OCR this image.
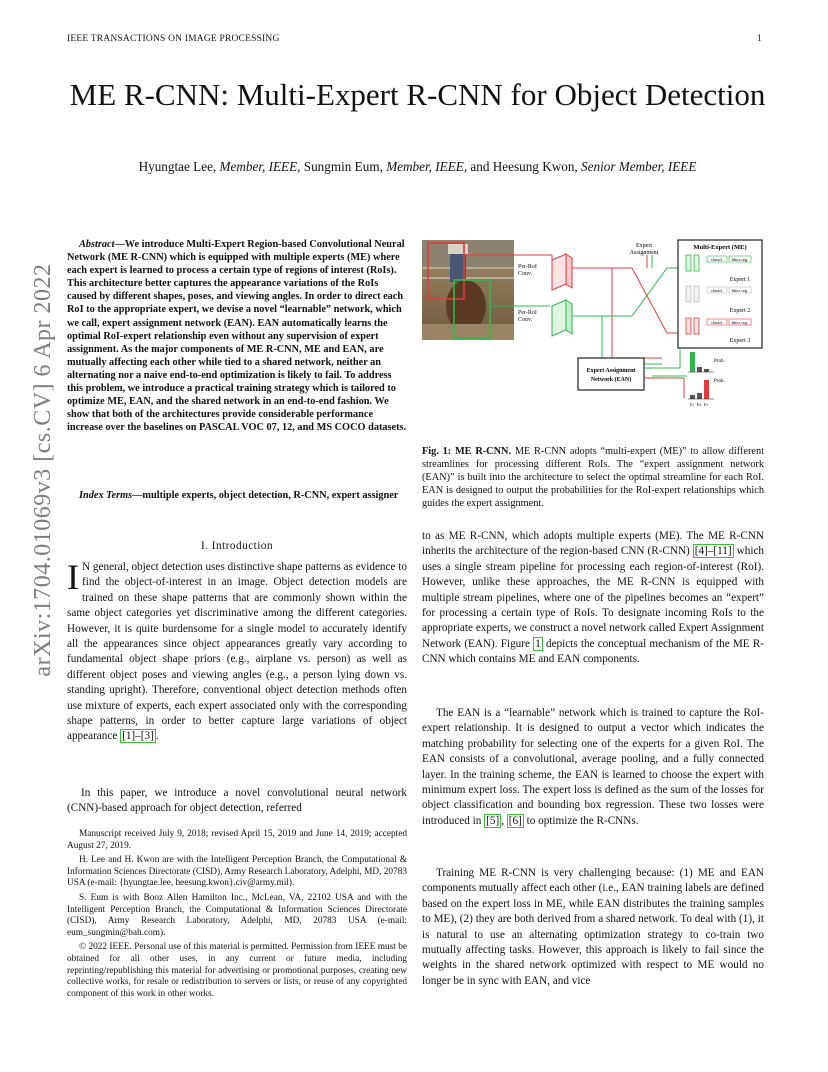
IEEE TRANSACTIONS ON IMAGE PROCESSING	1
ME R-CNN: Multi-Expert R-CNN for Object Detection
Hyungtae Lee, Member, IEEE, Sungmin Eum, Member, IEEE, and Heesung Kwon, Senior Member, IEEE
arXiv:1704.01069v3 [cs.CV] 6 Apr 2022
Abstract—We introduce Multi-Expert Region-based Convolutional Neural Network (ME R-CNN) which is equipped with multiple experts (ME) where each expert is learned to process a certain type of regions of interest (RoIs). This architecture better captures the appearance variations of the RoIs caused by different shapes, poses, and viewing angles. In order to direct each RoI to the appropriate expert, we devise a novel “learnable” network, which we call, expert assignment network (EAN). EAN automatically learns the optimal RoI-expert relationship even without any supervision of expert assignment. As the major components of ME R-CNN, ME and EAN, are mutually affecting each other while tied to a shared network, neither an alternating nor a naive end-to-end optimization is likely to fail. To address this problem, we introduce a practical training strategy which is tailored to optimize ME, EAN, and the shared network in an end-to-end fashion. We show that both of the architectures provide considerable performance increase over the baselines on PASCAL VOC 07, 12, and MS COCO datasets.
Index Terms—multiple experts, object detection, R-CNN, expert assigner
I. Introduction
I N general, object detection uses distinctive shape patterns as evidence to find the object-of-interest in an image. Object detection models are trained on these shape patterns that are commonly shown within the same object categories yet discriminative among the different categories. However, it is quite burdensome for a single model to accurately identify all the appearances since object appearances greatly vary according to fundamental object shape priors (e.g., airplane vs. person) as well as different object poses and viewing angles (e.g., a person lying down vs. standing upright). Therefore, conventional object detection methods often use mixture of experts, each expert associated only with the corresponding shape patterns, in order to better capture large variations of object appearance [1]–[3] .
In this paper, we introduce a novel convolutional neural network (CNN)-based approach for object detection, referred

Manuscript received July 9, 2018; revised April 15, 2019 and June 14, 2019; accepted August 27, 2019.

H. Lee and H. Kwon are with the Intelligent Perception Branch, the Computational & Information Sciences Directorate (CISD), Army Research Laboratory, Adelphi, MD, 20783 USA (e-mail: {hyungtae.lee, heesung.kwon}.civ@army.mil).

S. Eum is with Booz Allen Hamilton Inc., McLean, VA, 22102 USA and with the Intelligent Perception Branch, the Computational & Information Sciences Directorate (CISD), Army Research Laboratory, Adelphi, MD, 20783 USA (e-mail: eum_sungmin@bah.com).

© 2022 IEEE. Personal use of this material is permitted. Permission from IEEE must be obtained for all other uses, in any current or future media, including reprinting/republishing this material for advertising or promotional purposes, creating new collective works, for resale or redistribution to servers or lists, or reuse of any copyrighted component of this work in other works.

Per-RoI
Conv.
Per-RoI
Conv.
Expert
Assignment
Multi-Expert (ME)
classif. bbox reg.
Expert 1
classif. bbox reg.
Expert 2
classif. bbox reg.
Expert 3
Expert Assignment
Network (EAN)
Prob.
Prob.
E1 E2 E3
Fig. 1: ME R-CNN. ME R-CNN adopts “multi-expert (ME)” to allow different streamlines for processing different RoIs. The “expert assignment network (EAN)” is built into the architecture to select the optimal streamline for each RoI. EAN is designed to output the probabilities for the RoI-expert relationships which guides the expert assignment.
to as ME R-CNN, which adopts multiple experts (ME). The ME R-CNN inherits the architecture of the region-based CNN (R-CNN) [4]–[11] which uses a single stream pipeline for processing each region-of-interest (RoI). However, unlike these approaches, the ME R-CNN is equipped with multiple stream pipelines, where one of the pipelines becomes an “expert” for processing a certain type of RoIs. To designate incoming RoIs to the appropriate experts, we construct a novel network called Expert Assignment Network (EAN). Figure 1 depicts the conceptual mechanism of the ME R-CNN which contains ME and EAN components.
The EAN is a “learnable” network which is trained to capture the RoI-expert relationship. It is designed to output a vector which indicates the matching probability for selecting one of the experts for a given RoI. The EAN consists of a convolutional, average pooling, and a fully connected layer. In the training scheme, the EAN is learned to choose the expert with minimum expert loss. The expert loss is defined as the sum of the losses for object classification and bounding box regression. These two losses were introduced in [5] , [6] to optimize the R-CNNs.
Training ME R-CNN is very challenging because: (1) ME and EAN components mutually affect each other (i.e., EAN training labels are defined based on the expert loss in ME, while EAN distributes the training samples to ME), (2) they are both derived from a shared network. To deal with (1), it is natural to use an alternating optimization strategy to co-train two mutually affecting tasks. However, this approach is likely to fail since the weights in the shared network optimized with respect to ME would no longer be in sync with EAN, and vice
